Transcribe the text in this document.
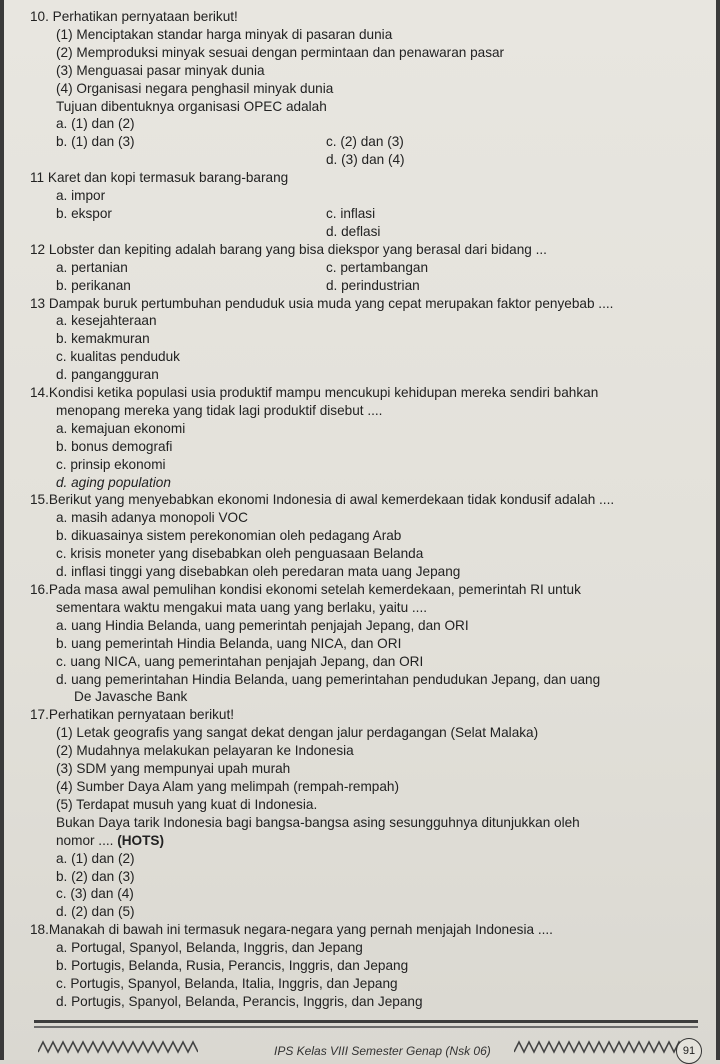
10. Perhatikan pernyataan berikut!
(1) Menciptakan standar harga minyak di pasaran dunia
(2) Memproduksi minyak sesuai dengan permintaan dan penawaran pasar
(3) Menguasai pasar minyak dunia
(4) Organisasi negara penghasil minyak dunia
Tujuan dibentuknya organisasi OPEC adalah
a. (1) dan (2)
b. (1) dan (3)	c. (2) dan (3)
d. (3) dan (4)
11 Karet dan kopi termasuk barang-barang
a. impor
b. ekspor	c. inflasi
d. deflasi
12 Lobster dan kepiting adalah barang yang bisa diekspor yang berasal dari bidang ...
a. pertanian	c. pertambangan
b. perikanan	d. perindustrian
13 Dampak buruk pertumbuhan penduduk usia muda yang cepat merupakan faktor penyebab ....
a. kesejahteraan
b. kemakmuran
c. kualitas penduduk
d. pangangguran
14.Kondisi ketika populasi usia produktif mampu mencukupi kehidupan mereka sendiri bahkan
menopang mereka yang tidak lagi produktif disebut ....
a. kemajuan ekonomi
b. bonus demografi
c. prinsip ekonomi
d. aging population
15.Berikut yang menyebabkan ekonomi Indonesia di awal kemerdekaan tidak kondusif adalah ....
a. masih adanya monopoli VOC
b. dikuasainya sistem perekonomian oleh pedagang Arab
c. krisis moneter yang disebabkan oleh penguasaan Belanda
d. inflasi tinggi yang disebabkan oleh peredaran mata uang Jepang
16.Pada masa awal pemulihan kondisi ekonomi setelah kemerdekaan, pemerintah RI untuk
sementara waktu mengakui mata uang yang berlaku, yaitu ....
a. uang Hindia Belanda, uang pemerintah penjajah Jepang, dan ORI
b. uang pemerintah Hindia Belanda, uang NICA, dan ORI
c. uang NICA, uang pemerintahan penjajah Jepang, dan ORI
d. uang pemerintahan Hindia Belanda, uang pemerintahan pendudukan Jepang, dan uang
De Javasche Bank
17.Perhatikan pernyataan berikut!
(1) Letak geografis yang sangat dekat dengan jalur perdagangan (Selat Malaka)
(2) Mudahnya melakukan pelayaran ke Indonesia
(3) SDM yang mempunyai upah murah
(4) Sumber Daya Alam yang melimpah (rempah-rempah)
(5) Terdapat musuh yang kuat di Indonesia.
Bukan Daya tarik Indonesia bagi bangsa-bangsa asing sesungguhnya ditunjukkan oleh
nomor .... (HOTS)
a. (1) dan (2)
b. (2) dan (3)
c. (3) dan (4)
d. (2) dan (5)
18.Manakah di bawah ini termasuk negara-negara yang pernah menjajah Indonesia ....
a. Portugal, Spanyol, Belanda, Inggris, dan Jepang
b. Portugis, Belanda, Rusia, Perancis, Inggris, dan Jepang
c. Portugis, Spanyol, Belanda, Italia, Inggris, dan Jepang
d. Portugis, Spanyol, Belanda, Perancis, Inggris, dan Jepang
IPS Kelas VIII Semester Genap (Nsk 06)	91
